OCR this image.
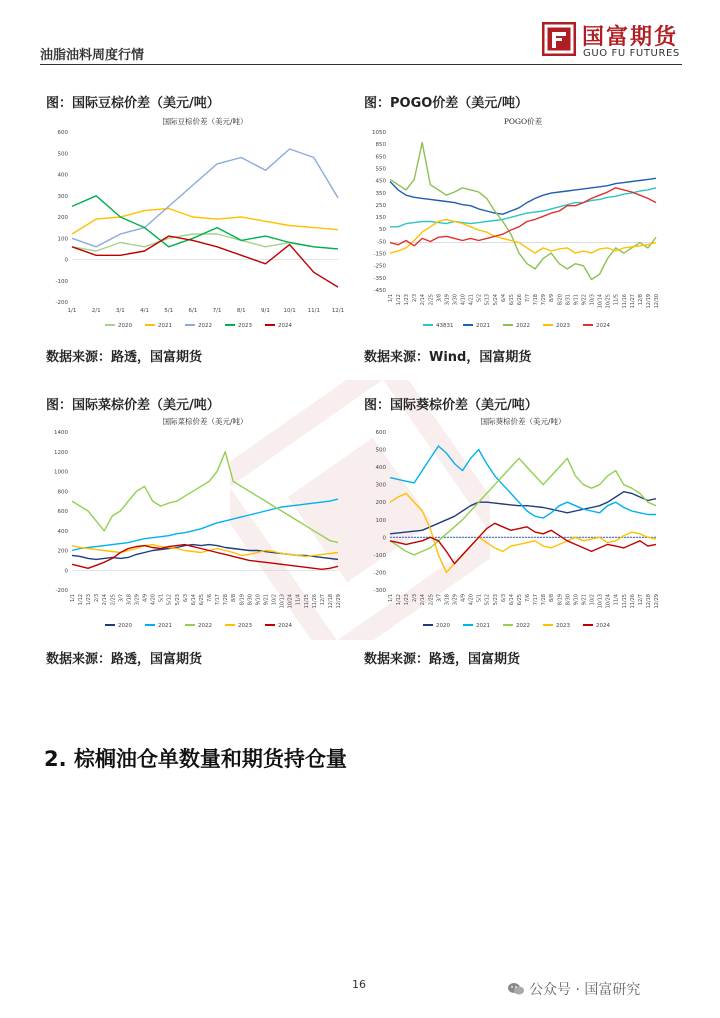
油脂油料周度行情
国富期货
GUO FU FUTURES
图：国际豆棕价差（美元/吨）	图：POGO价差（美元/吨）
图：国际菜棕价差（美元/吨）	图：国际葵棕价差（美元/吨）
国际豆棕价差（美元/吨）
600
500
400
300
200
100
0
-100
-200
1/1	2/1	3/1	4/1	5/1	6/1	7/1	8/1	9/1 10/1 11/1 12/1
2020	2021	2022	2023	2024
POGO价差
1050
850
650
550
450
350
250
150
50
-50
-150
-250
-350
-450
1/1 1/12 1/23 2/3 2/14 2/25 3/8 3/19 3/30 4/10 4/21 5/2 5/13 5/24 6/4 6/15 6/26 7/7 7/18 7/29 8/9 8/20 8/31 9/11 9/22 10/3 10/14 10/25 11/5 11/16 11/27 12/8 12/19 12/30
43831	2021	2022	2023	2024
国际菜棕价差（美元/吨）
1400
1200
1000
800
600
400
200
0
-200
1/1 1/12 1/23 2/3 2/14 2/25 3/7 3/18 3/29 4/9 4/20 5/1 5/12 5/23 6/3 6/14 6/25 7/6 7/17 7/28 8/8 8/19 8/30 9/10 9/21 10/2 10/13 10/24 11/4 11/15 11/26 12/7 12/18 12/29
2020	2021	2022	2023	2024
国际葵棕价差（美元/吨）
600
500
400
300
200
100
0
-100
-200
-300
1/1 1/12 1/23 2/3 2/14 2/25 3/7 3/18 3/29 4/9 4/20 5/1 5/12 5/23 6/3 6/14 6/25 7/6 7/17 7/28 8/8 8/19 8/30 9/10 9/21 10/2 10/13 10/24 11/4 11/15 11/26 12/7 12/18 12/29
2020	2021	2022	2023	2024
数据来源：路透，国富期货	数据来源：Wind，国富期货
数据来源：路透，国富期货	数据来源：路透，国富期货
2. 棕榈油仓单数量和期货持仓量
16	公众号 · 国富研究
